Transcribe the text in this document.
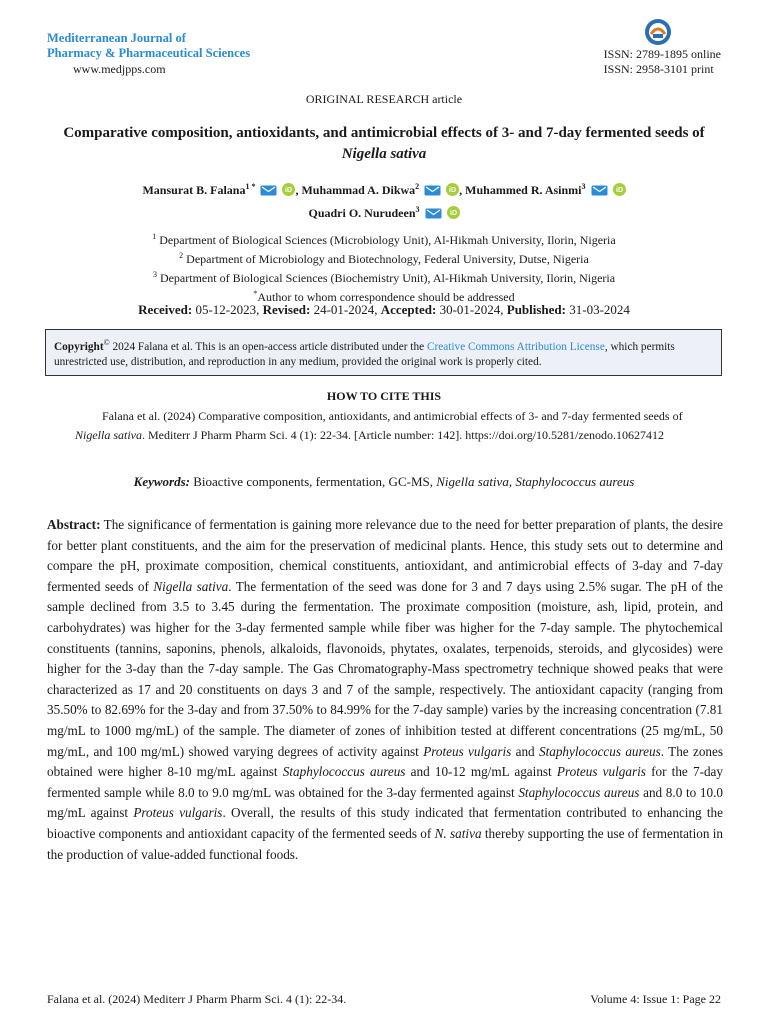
Mediterranean Journal of
Pharmacy & Pharmaceutical Sciences
www.medjpps.com
ISSN: 2789-1895 online
ISSN: 2958-3101 print
ORIGINAL RESEARCH article
Comparative composition, antioxidants, and antimicrobial effects of 3- and 7-day fermented seeds of Nigella sativa
Mansurat B. Falana$^{1 *}$	iD , Muhammad A. Dikwa$^2$	iD , Muhammed R. Asinmi$^3$	iD
Quadri O. Nurudeen$^3$	iD
$^1$ Department of Biological Sciences (Microbiology Unit), Al-Hikmah University, Ilorin, Nigeria
$^2$ Department of Microbiology and Biotechnology, Federal University, Dutse, Nigeria
$^3$ Department of Biological Sciences (Biochemistry Unit), Al-Hikmah University, Ilorin, Nigeria
*Author to whom correspondence should be addressed
Received: 05-12-2023, Revised: 24-01-2024, Accepted: 30-01-2024, Published: 31-03-2024
Copyright© 2024 Falana et al. This is an open-access article distributed under the Creative Commons Attribution License, which permits unrestricted use, distribution, and reproduction in any medium, provided the original work is properly cited.
HOW TO CITE THIS
Falana et al. (2024) Comparative composition, antioxidants, and antimicrobial effects of 3- and 7-day fermented seeds of Nigella sativa. Mediterr J Pharm Pharm Sci. 4 (1): 22-34. [Article number: 142]. https://doi.org/10.5281/zenodo.10627412
Keywords: Bioactive components, fermentation, GC-MS, Nigella sativa, Staphylococcus aureus
Abstract: The significance of fermentation is gaining more relevance due to the need for better preparation of plants, the desire for better plant constituents, and the aim for the preservation of medicinal plants. Hence, this study sets out to determine and compare the pH, proximate composition, chemical constituents, antioxidant, and antimicrobial effects of 3-day and 7-day fermented seeds of Nigella sativa. The fermentation of the seed was done for 3 and 7 days using 2.5% sugar. The pH of the sample declined from 3.5 to 3.45 during the fermentation. The proximate composition (moisture, ash, lipid, protein, and carbohydrates) was higher for the 3-day fermented sample while fiber was higher for the 7-day sample. The phytochemical constituents (tannins, saponins, phenols, alkaloids, flavonoids, phytates, oxalates, terpenoids, steroids, and glycosides) were higher for the 3-day than the 7-day sample. The Gas Chromatography-Mass spectrometry technique showed peaks that were characterized as 17 and 20 constituents on days 3 and 7 of the sample, respectively. The antioxidant capacity (ranging from 35.50% to 82.69% for the 3-day and from 37.50% to 84.99% for the 7-day sample) varies by the increasing concentration (7.81 mg/mL to 1000 mg/mL) of the sample. The diameter of zones of inhibition tested at different concentrations (25 mg/mL, 50 mg/mL, and 100 mg/mL) showed varying degrees of activity against Proteus vulgaris and Staphylococcus aureus. The zones obtained were higher 8-10 mg/mL against Staphylococcus aureus and 10-12 mg/mL against Proteus vulgaris for the 7-day fermented sample while 8.0 to 9.0 mg/mL was obtained for the 3-day fermented against Staphylococcus aureus and 8.0 to 10.0 mg/mL against Proteus vulgaris. Overall, the results of this study indicated that fermentation contributed to enhancing the bioactive components and antioxidant capacity of the fermented seeds of N. sativa thereby supporting the use of fermentation in the production of value-added functional foods.
Falana et al. (2024) Mediterr J Pharm Pharm Sci. 4 (1): 22-34.	Volume 4: Issue 1: Page 22
